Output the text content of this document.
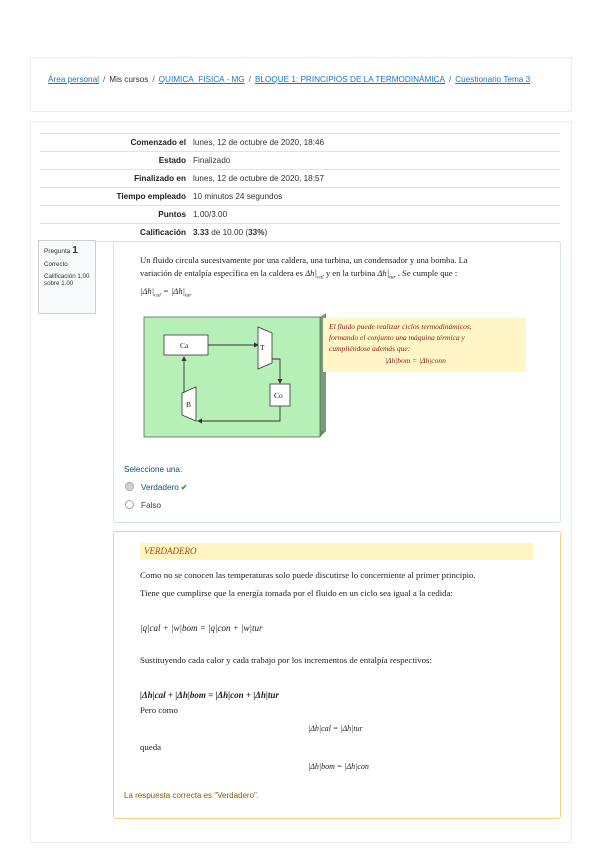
Área personal / Mis cursos / QUIMICA_FISICA - MG / BLOQUE 1: PRINCIPIOS DE LA TERMODINÁMICA / Cuestionario Tema 3
Comenzado el	lunes, 12 de octubre de 2020, 18:46
Estado	Finalizado
Finalizado en	lunes, 12 de octubre de 2020, 18:57
Tiempo empleado	10 minutos 24 segundos
Puntos	1.00/3.00
Calificación	3.33 de 10.00 (33%)
Pregunta 1
Correcto
Calificación 1.00 sobre 1.00
Un fluido circula sucesivamente por una caldera, una turbina, un condensador y una bomba. La
variación de entalpía específica en la caldera es $\Delta h|_{cal}$ y en la turbina $\Delta h|_{tur}$ . Se cumple que :
$|\Delta h|_{cal} = |\Delta h|_{tur}$
Ca	T
Co
B
El fluido puede realizar ciclos termodinámicos,
formando el conjunto una máquina térmica y
cumpliéndose además que:
|Δh|bom = |Δh|conn
Seleccione una:
Verdadero ✔
Falso
VERDADERO
Como no se conocen las temperaturas solo puede discutirse lo concerniente al primer principio.
Tiene que cumplirse que la energía tomada por el fluido en un ciclo sea igual a la cedida:
|q|cal + |w|bom = |q|con + |w|tur
Sustituyendo cada calor y cada trabajo por los incrementos de entalpía respectivos:
|Δh|cal + |Δh|bom = |Δh|con + |Δh|tur
Pero como
|Δh|cal = |Δh|tur
queda
|Δh|bom = |Δh|con
La respuesta correcta es "Verdadero".
